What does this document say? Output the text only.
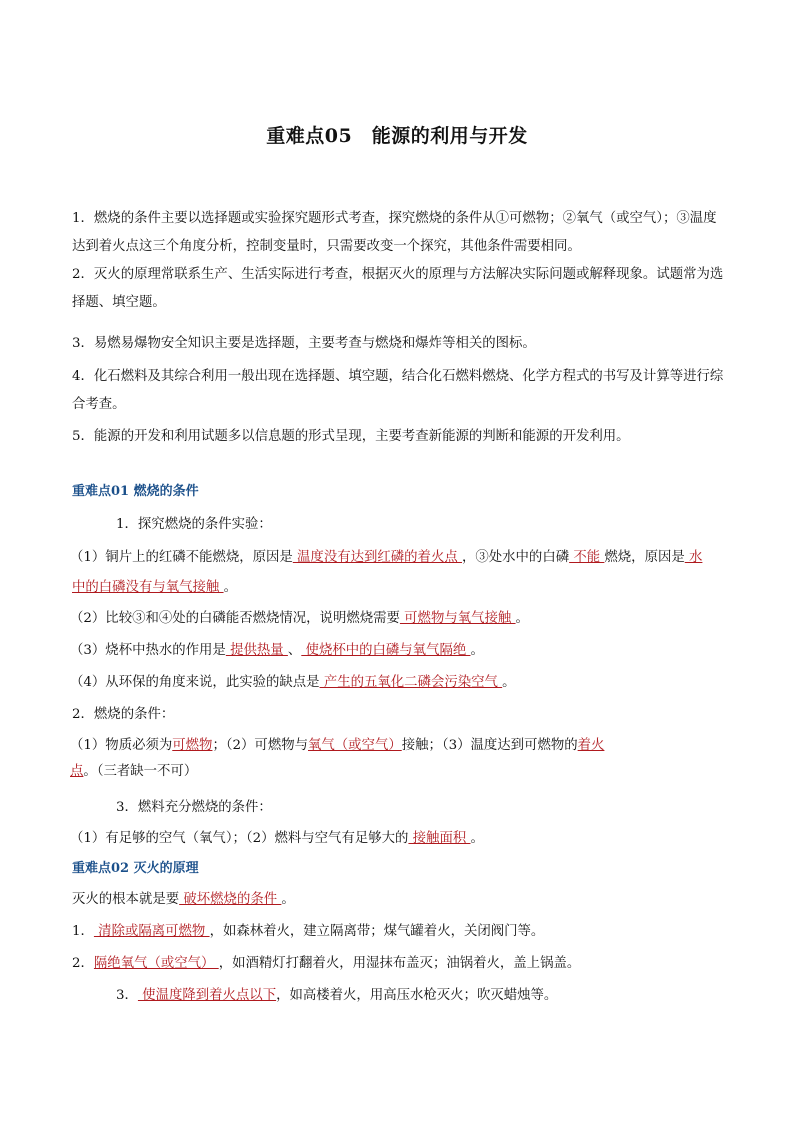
重难点05　能源的利用与开发
1．燃烧的条件主要以选择题或实验探究题形式考查，探究燃烧的条件从①可燃物；②氧气（或空气）；③温度达到着火点这三个角度分析，控制变量时，只需要改变一个探究，其他条件需要相同。
2．灭火的原理常联系生产、生活实际进行考查，根据灭火的原理与方法解决实际问题或解释现象。试题常为选择题、填空题。
3．易燃易爆物安全知识主要是选择题，主要考查与燃烧和爆炸等相关的图标。
4．化石燃料及其综合利用一般出现在选择题、填空题，结合化石燃料燃烧、化学方程式的书写及计算等进行综合考查。
5．能源的开发和利用试题多以信息题的形式呈现，主要考查新能源的判断和能源的开发利用。
重难点01 燃烧的条件
1．探究燃烧的条件实验：
（1）铜片上的红磷不能燃烧，原因是 温度没有达到红磷的着火点 ，③处水中的白磷 不能 燃烧，原因是 水
中的白磷没有与氧气接触 。
（2）比较③和④处的白磷能否燃烧情况，说明燃烧需要 可燃物与氧气接触 。
（3）烧杯中热水的作用是 提供热量 、 使烧杯中的白磷与氧气隔绝 。
（4）从环保的角度来说，此实验的缺点是 产生的五氧化二磷会污染空气 。
2．燃烧的条件：
（1）物质必须为可燃物；（2）可燃物与氧气（或空气）接触；（3）温度达到可燃物的着火点。（三者缺一不可）
3．燃料充分燃烧的条件：
（1）有足够的空气（氧气）；（2）燃料与空气有足够大的 接触面积 。
重难点02 灭火的原理
灭火的根本就是要 破坏燃烧的条件 。
1． 清除或隔离可燃物 ，如森林着火，建立隔离带；煤气罐着火，关闭阀门等。
2．隔绝氧气（或空气） ，如酒精灯打翻着火，用湿抹布盖灭；油锅着火，盖上锅盖。
3． 使温度降到着火点以下，如高楼着火，用高压水枪灭火；吹灭蜡烛等。
